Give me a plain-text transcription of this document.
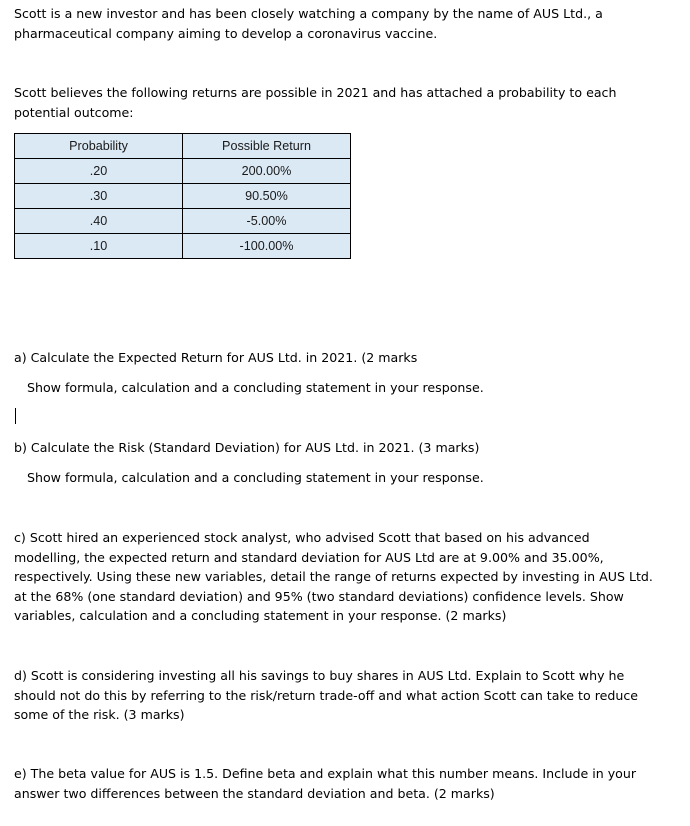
Scott is a new investor and has been closely watching a company by the name of AUS Ltd., a pharmaceutical company aiming to develop a coronavirus vaccine.

Scott believes the following returns are possible in 2021 and has attached a probability to each potential outcome:

Probability	Possible Return
.20	200.00%
.30	90.50%
.40	-5.00%
.10	-100.00%

a) Calculate the Expected Return for AUS Ltd. in 2021. (2 marks

Show formula, calculation and a concluding statement in your response.

b) Calculate the Risk (Standard Deviation) for AUS Ltd. in 2021. (3 marks)

Show formula, calculation and a concluding statement in your response.

c) Scott hired an experienced stock analyst, who advised Scott that based on his advanced modelling, the expected return and standard deviation for AUS Ltd are at 9.00% and 35.00%, respectively. Using these new variables, detail the range of returns expected by investing in AUS Ltd. at the 68% (one standard deviation) and 95% (two standard deviations) confidence levels. Show variables, calculation and a concluding statement in your response. (2 marks)

d) Scott is considering investing all his savings to buy shares in AUS Ltd. Explain to Scott why he should not do this by referring to the risk/return trade-off and what action Scott can take to reduce some of the risk. (3 marks)

e) The beta value for AUS is 1.5. Define beta and explain what this number means. Include in your answer two differences between the standard deviation and beta. (2 marks)
